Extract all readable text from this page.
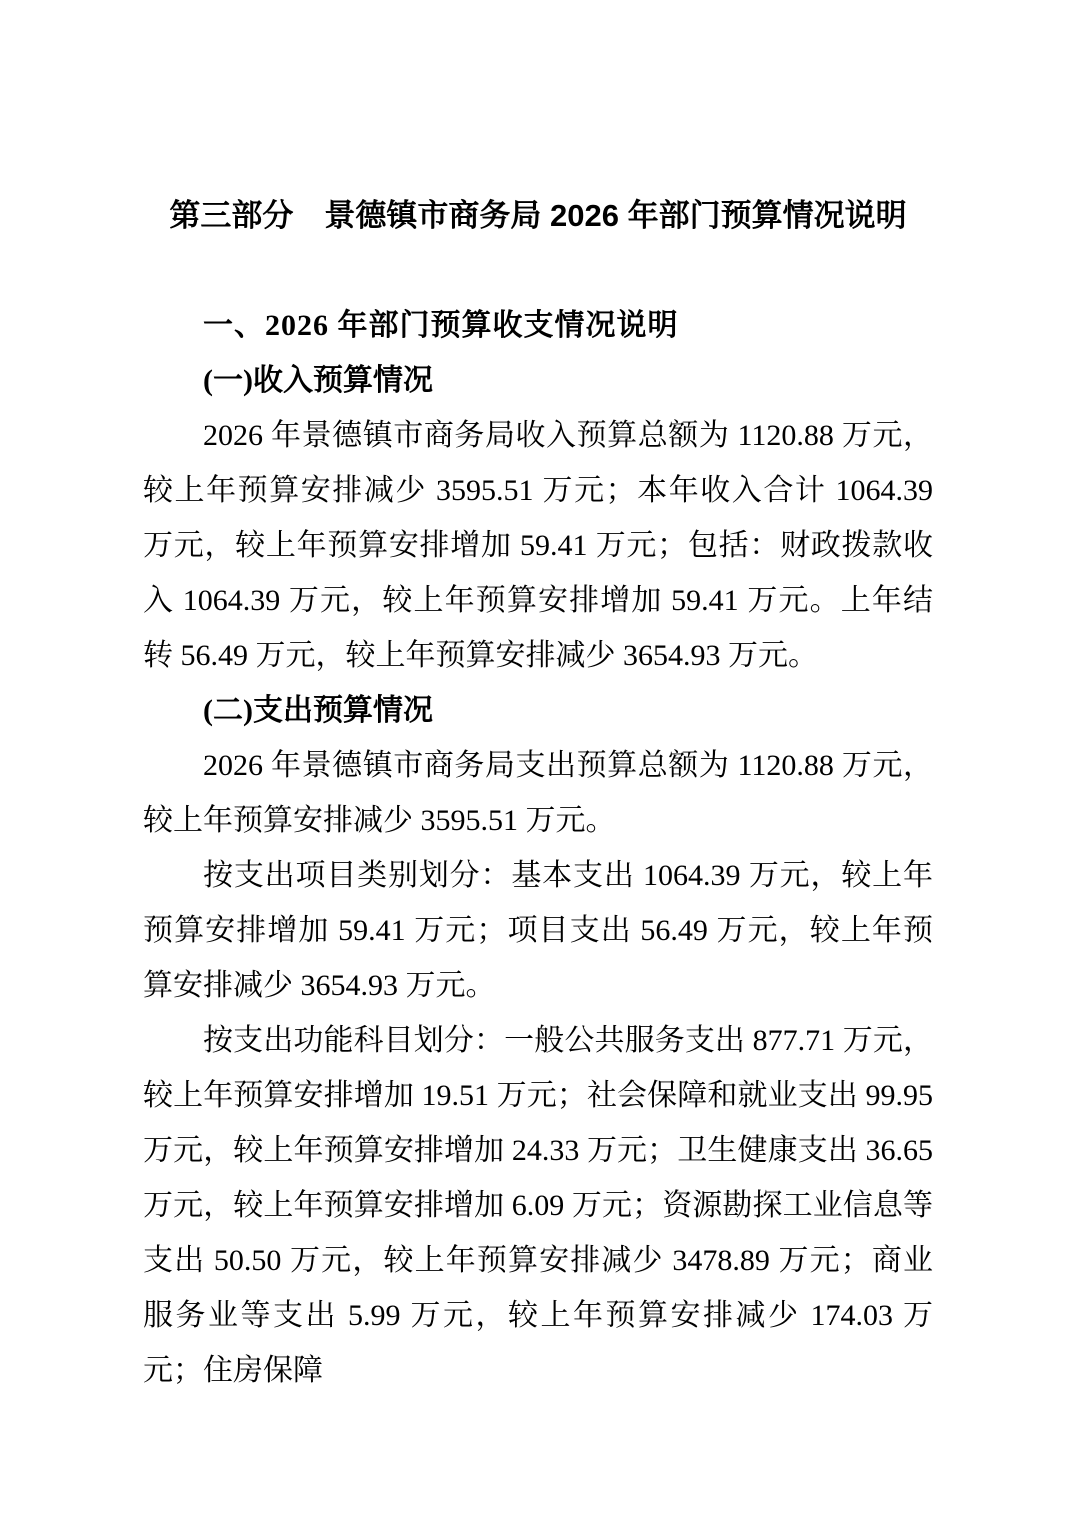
第三部分　景德镇市商务局 2026 年部门预算情况说明
一、2026 年部门预算收支情况说明
(一)收入预算情况

2026 年景德镇市商务局收入预算总额为 1120.88 万元，较上年预算安排减少 3595.51 万元；本年收入合计 1064.39 万元，较上年预算安排增加 59.41 万元；包括：财政拨款收入 1064.39 万元，较上年预算安排增加 59.41 万元。上年结转 56.49 万元，较上年预算安排减少 3654.93 万元。

(二)支出预算情况

2026 年景德镇市商务局支出预算总额为 1120.88 万元，较上年预算安排减少 3595.51 万元。

按支出项目类别划分：基本支出 1064.39 万元，较上年预算安排增加 59.41 万元；项目支出 56.49 万元，较上年预算安排减少 3654.93 万元。

按支出功能科目划分：一般公共服务支出 877.71 万元，较上年预算安排增加 19.51 万元；社会保障和就业支出 99.95 万元，较上年预算安排增加 24.33 万元；卫生健康支出 36.65 万元，较上年预算安排增加 6.09 万元；资源勘探工业信息等支出 50.50 万元，较上年预算安排减少 3478.89 万元；商业服务业等支出 5.99 万元，较上年预算安排减少 174.03 万元；住房保障
